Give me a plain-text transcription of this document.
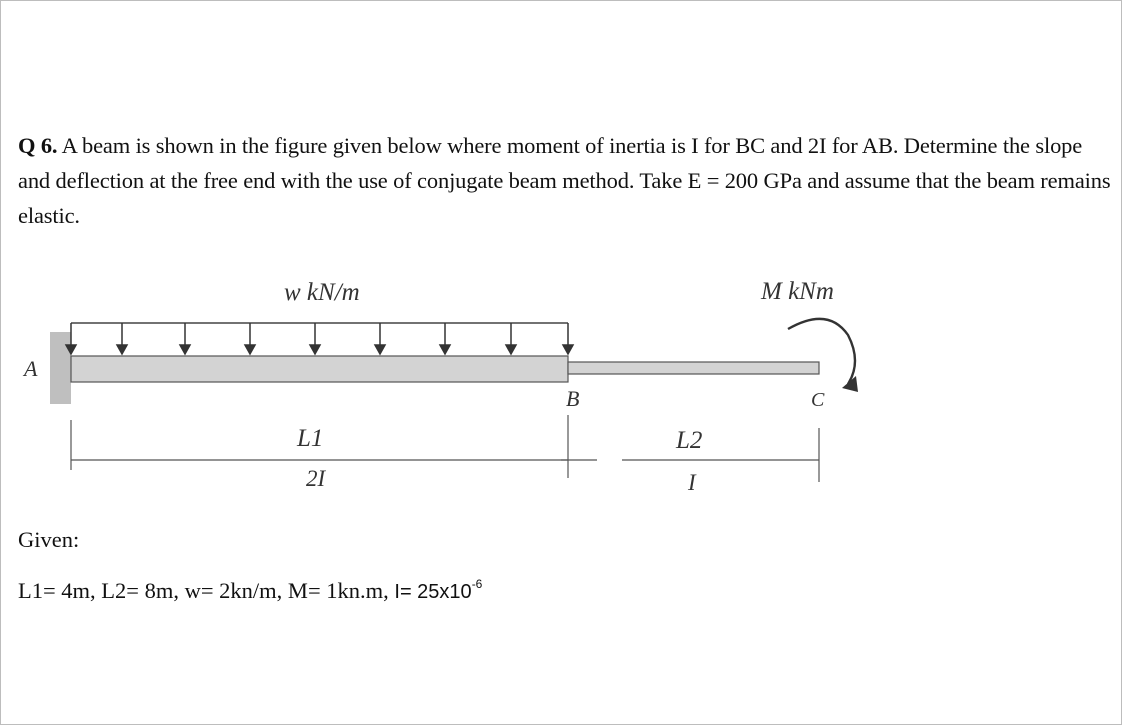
Q 6. A beam is shown in the figure given below where moment of inertia is I for BC and 2I for AB. Determine the slope and deflection at the free end with the use of conjugate beam method. Take E = 200 GPa and assume that the beam remains elastic.
w kN/m	M kNm
A
B	C
L1
2I
L2
I
Given:
L1= 4m, L2= 8m, w= 2kn/m, M= 1kn.m, $I= 25x10^{-6}$
